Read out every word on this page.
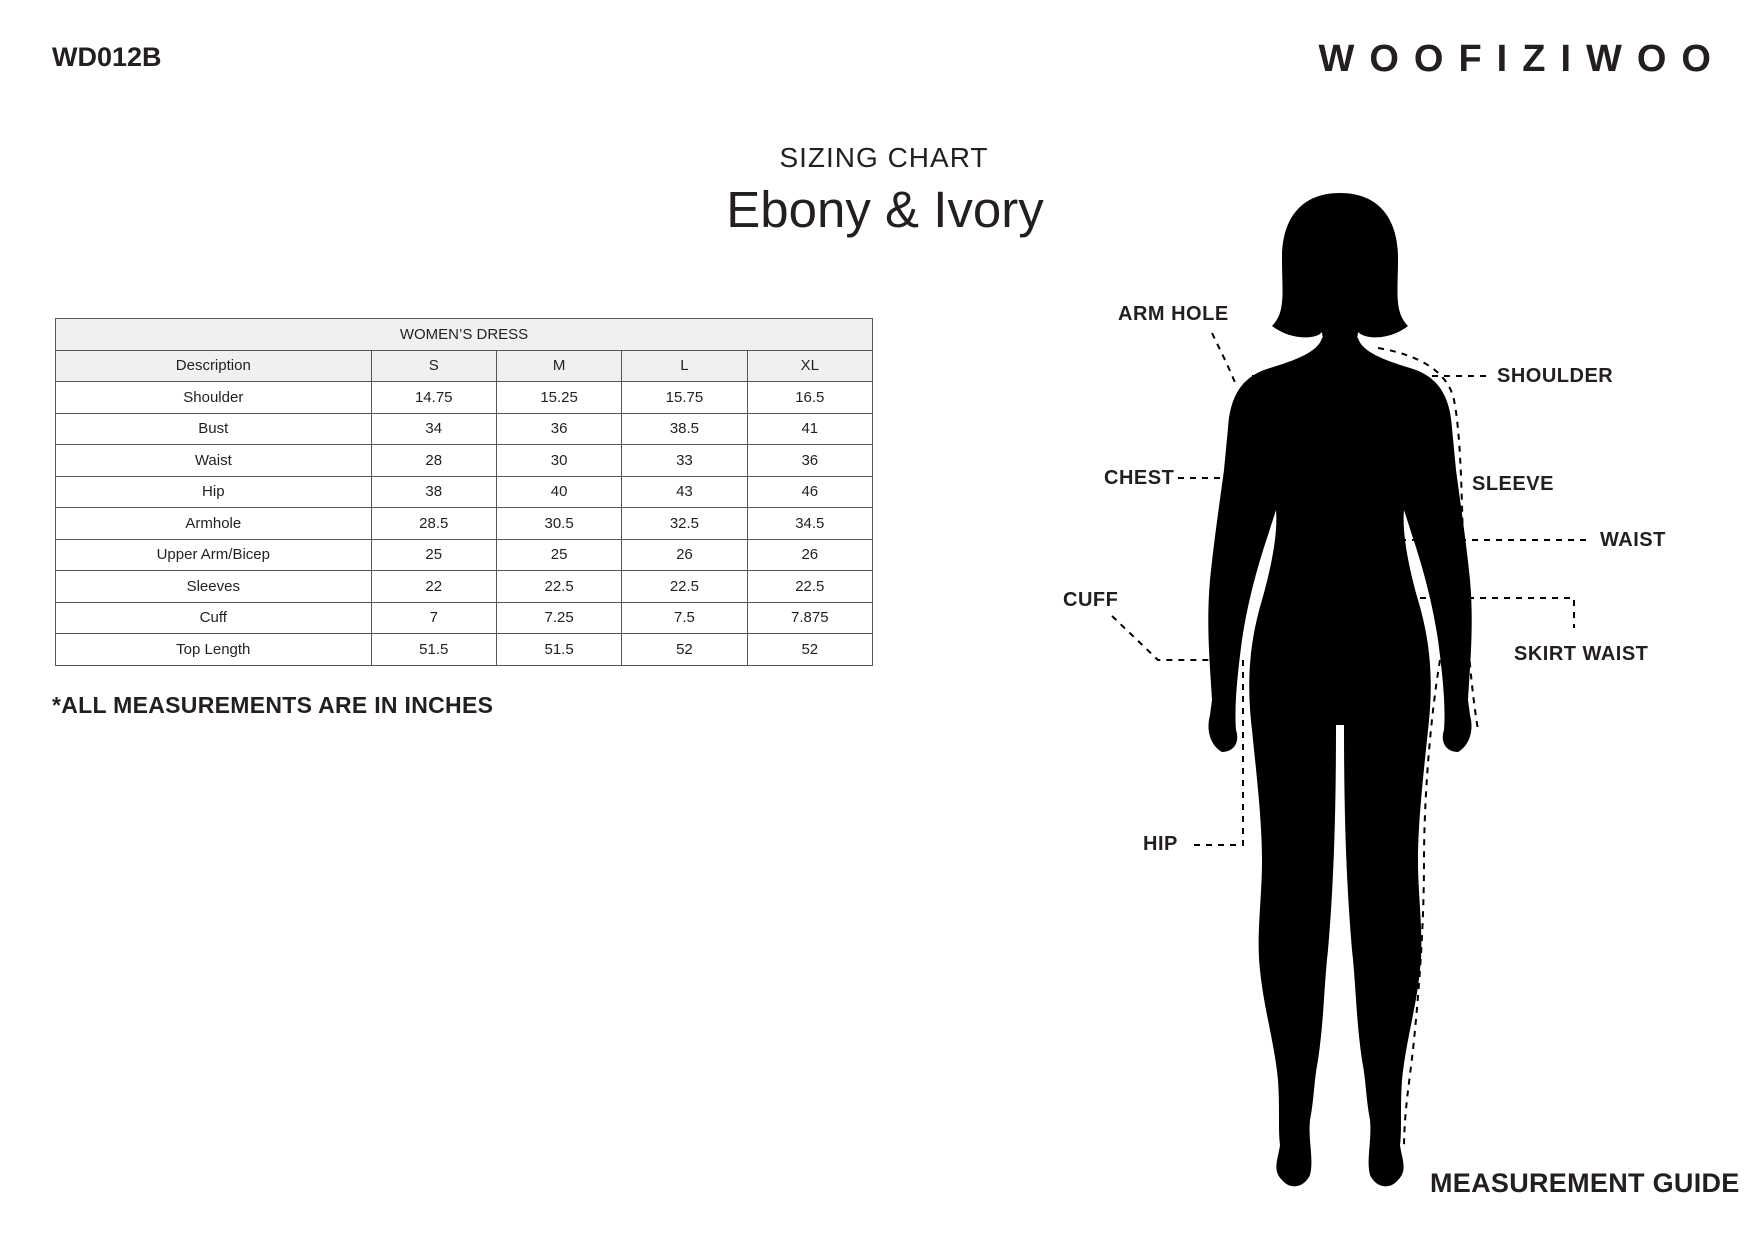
WD012B	WOOFIZIWOO
SIZING CHART
Ebony & Ivory
WOMEN’S DRESS				
Description	S	M	L	XL
Shoulder	14.75	15.25	15.75	16.5
Bust	34	36	38.5	41
Waist	28	30	33	36
Hip	38	40	43	46
Armhole	28.5	30.5	32.5	34.5
Upper Arm/Bicep	25	25	26	26
Sleeves	22	22.5	22.5	22.5
Cuff	7	7.25	7.5	7.875
Top Length	51.5	51.5	52	52
*ALL MEASUREMENTS ARE IN INCHES
ARM HOLE
SHOULDER
CHEST	SLEEVE
WAIST
CUFF
SKIRT WAIST
HIP
MEASUREMENT GUIDE
